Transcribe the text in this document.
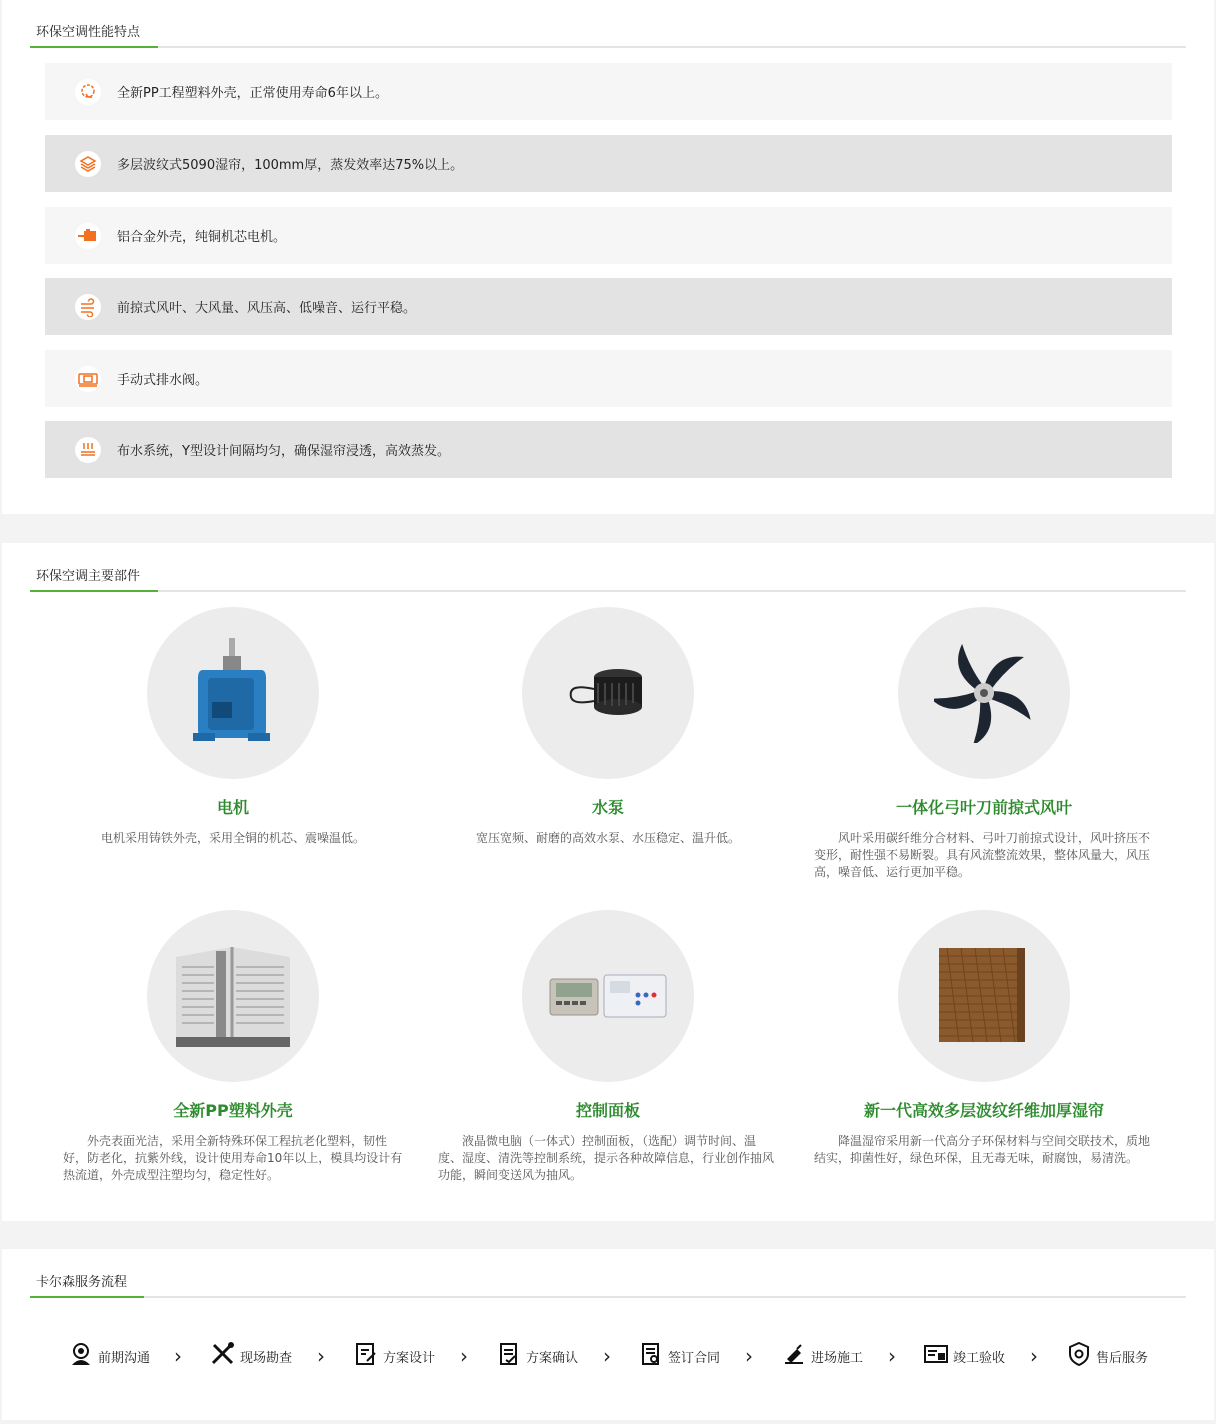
环保空调性能特点
全新PP工程塑料外壳，正常使用寿命6年以上。
多层波纹式5090湿帘，100mm厚，蒸发效率达75%以上。
铝合金外壳，纯铜机芯电机。
前掠式风叶、大风量、风压高、低噪音、运行平稳。
手动式排水阀。
布水系统，Y型设计间隔均匀，确保湿帘浸透，高效蒸发。
环保空调主要部件
电机
电机采用铸铁外壳，采用全铜的机芯、震噪温低。
水泵
宽压宽频、耐磨的高效水泵、水压稳定、温升低。
一体化弓叶刀前掠式风叶
风叶采用碳纤维分合材料、弓叶刀前掠式设计，风叶挤压不变形，耐性强不易断裂。具有风流整流效果，整体风量大，风压高，噪音低、运行更加平稳。
全新PP塑料外壳
外壳表面光洁，采用全新特殊环保工程抗老化塑料，韧性好，防老化，抗紫外线，设计使用寿命10年以上，模具均设计有热流道，外壳成型注塑均匀，稳定性好。
控制面板
液晶微电脑（一体式）控制面板，（选配）调节时间、温度、湿度、清洗等控制系统，提示各种故障信息，行业创作抽风功能，瞬间变送风为抽风。
新一代高效多层波纹纤维加厚湿帘
降温湿帘采用新一代高分子环保材料与空间交联技术，质地结实，抑菌性好，绿色环保，且无毒无味，耐腐蚀，易清洗。
卡尔森服务流程
前期沟通 ›	现场勘查 ›	方案设计 ›	方案确认 ›	签订合同 ›	进场施工 ›	竣工验收 ›	售后服务
